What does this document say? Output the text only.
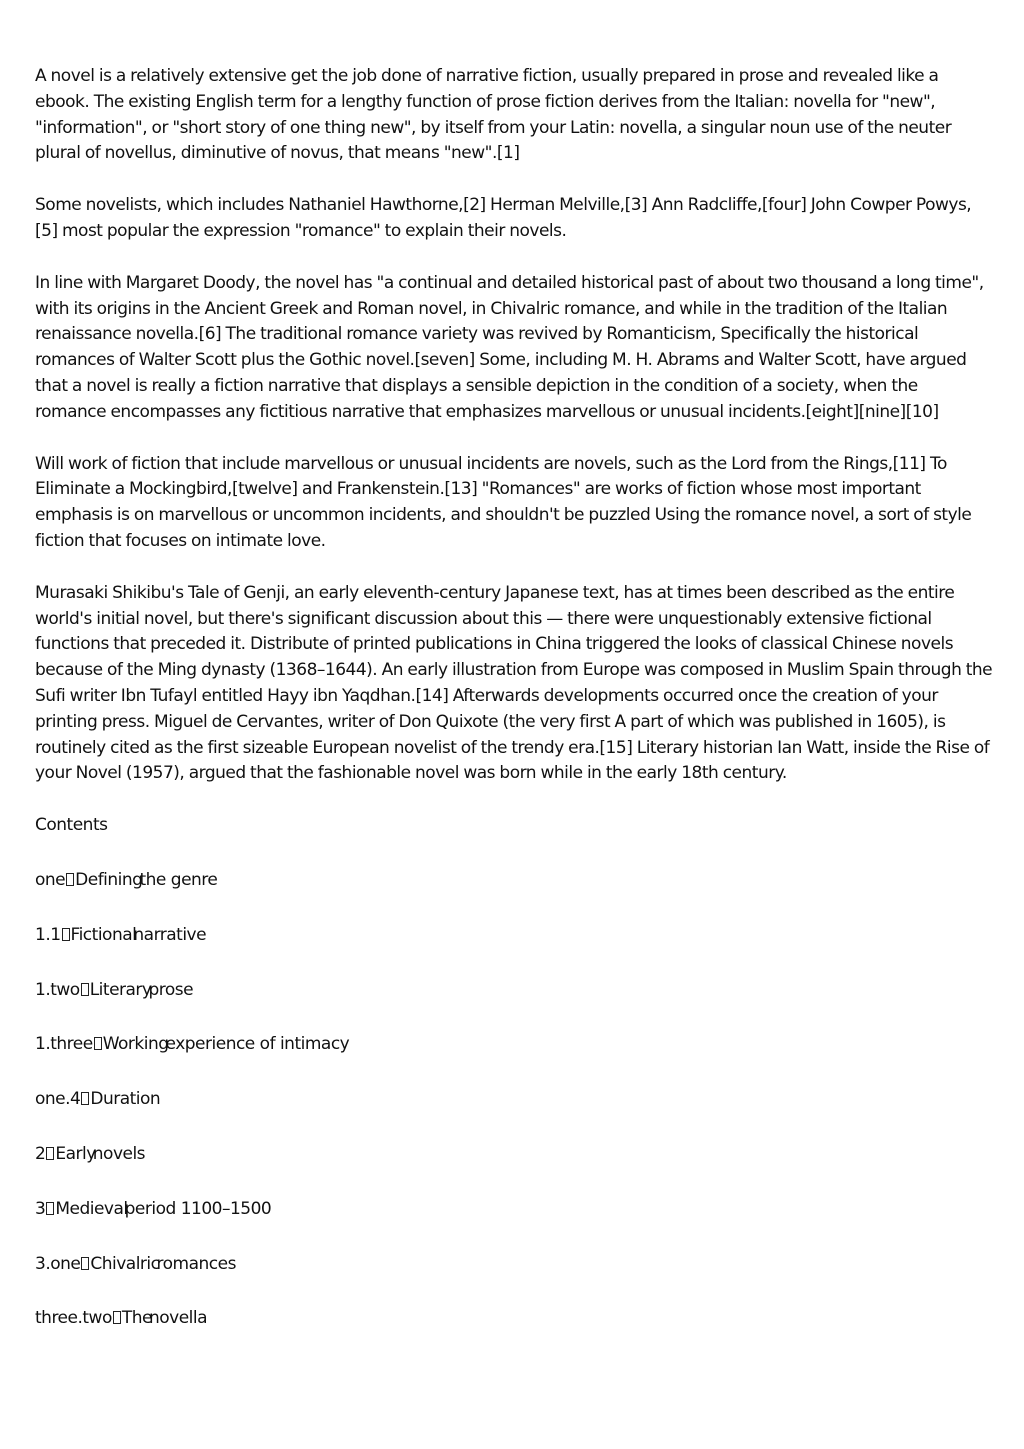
A novel is a relatively extensive get the job done of narrative fiction, usually prepared in prose and revealed like a ebook. The existing English term for a lengthy function of prose fiction derives from the Italian: novella for "new", "information", or "short story of one thing new", by itself from your Latin: novella, a singular noun use of the neuter plural of novellus, diminutive of novus, that means "new".[1]

Some novelists, which includes Nathaniel Hawthorne,[2] Herman Melville,[3] Ann Radcliffe,[four] John Cowper Powys,[5] most popular the expression "romance" to explain their novels.

In line with Margaret Doody, the novel has "a continual and detailed historical past of about two thousand a long time", with its origins in the Ancient Greek and Roman novel, in Chivalric romance, and while in the tradition of the Italian renaissance novella.[6] The traditional romance variety was revived by Romanticism, Specifically the historical romances of Walter Scott plus the Gothic novel.[seven] Some, including M. H. Abrams and Walter Scott, have argued that a novel is really a fiction narrative that displays a sensible depiction in the condition of a society, when the romance encompasses any fictitious narrative that emphasizes marvellous or unusual incidents.[eight][nine][10]

Will work of fiction that include marvellous or unusual incidents are novels, such as the Lord from the Rings,[11] To Eliminate a Mockingbird,[twelve] and Frankenstein.[13] "Romances" are works of fiction whose most important emphasis is on marvellous or uncommon incidents, and shouldn't be puzzled Using the romance novel, a sort of style fiction that focuses on intimate love.

Murasaki Shikibu's Tale of Genji, an early eleventh-century Japanese text, has at times been described as the entire world's initial novel, but there's significant discussion about this — there were unquestionably extensive fictional functions that preceded it. Distribute of printed publications in China triggered the looks of classical Chinese novels because of the Ming dynasty (1368–1644). An early illustration from Europe was composed in Muslim Spain through the Sufi writer Ibn Tufayl entitled Hayy ibn Yaqdhan.[14] Afterwards developments occurred once the creation of your printing press. Miguel de Cervantes, writer of Don Quixote (the very first A part of which was published in 1605), is routinely cited as the first sizeable European novelist of the trendy era.[15] Literary historian Ian Watt, inside the Rise of your Novel (1957), argued that the fashionable novel was born while in the early 18th century.

Contents

one Definingthe genre
1.1 Fictionalnarrative
1.two Literaryprose
1.three Workingexperience of intimacy
one.4 Duration
2 Earlynovels
3 Medievalperiod 1100–1500
3.one Chivalricromances
three.two Thenovella
